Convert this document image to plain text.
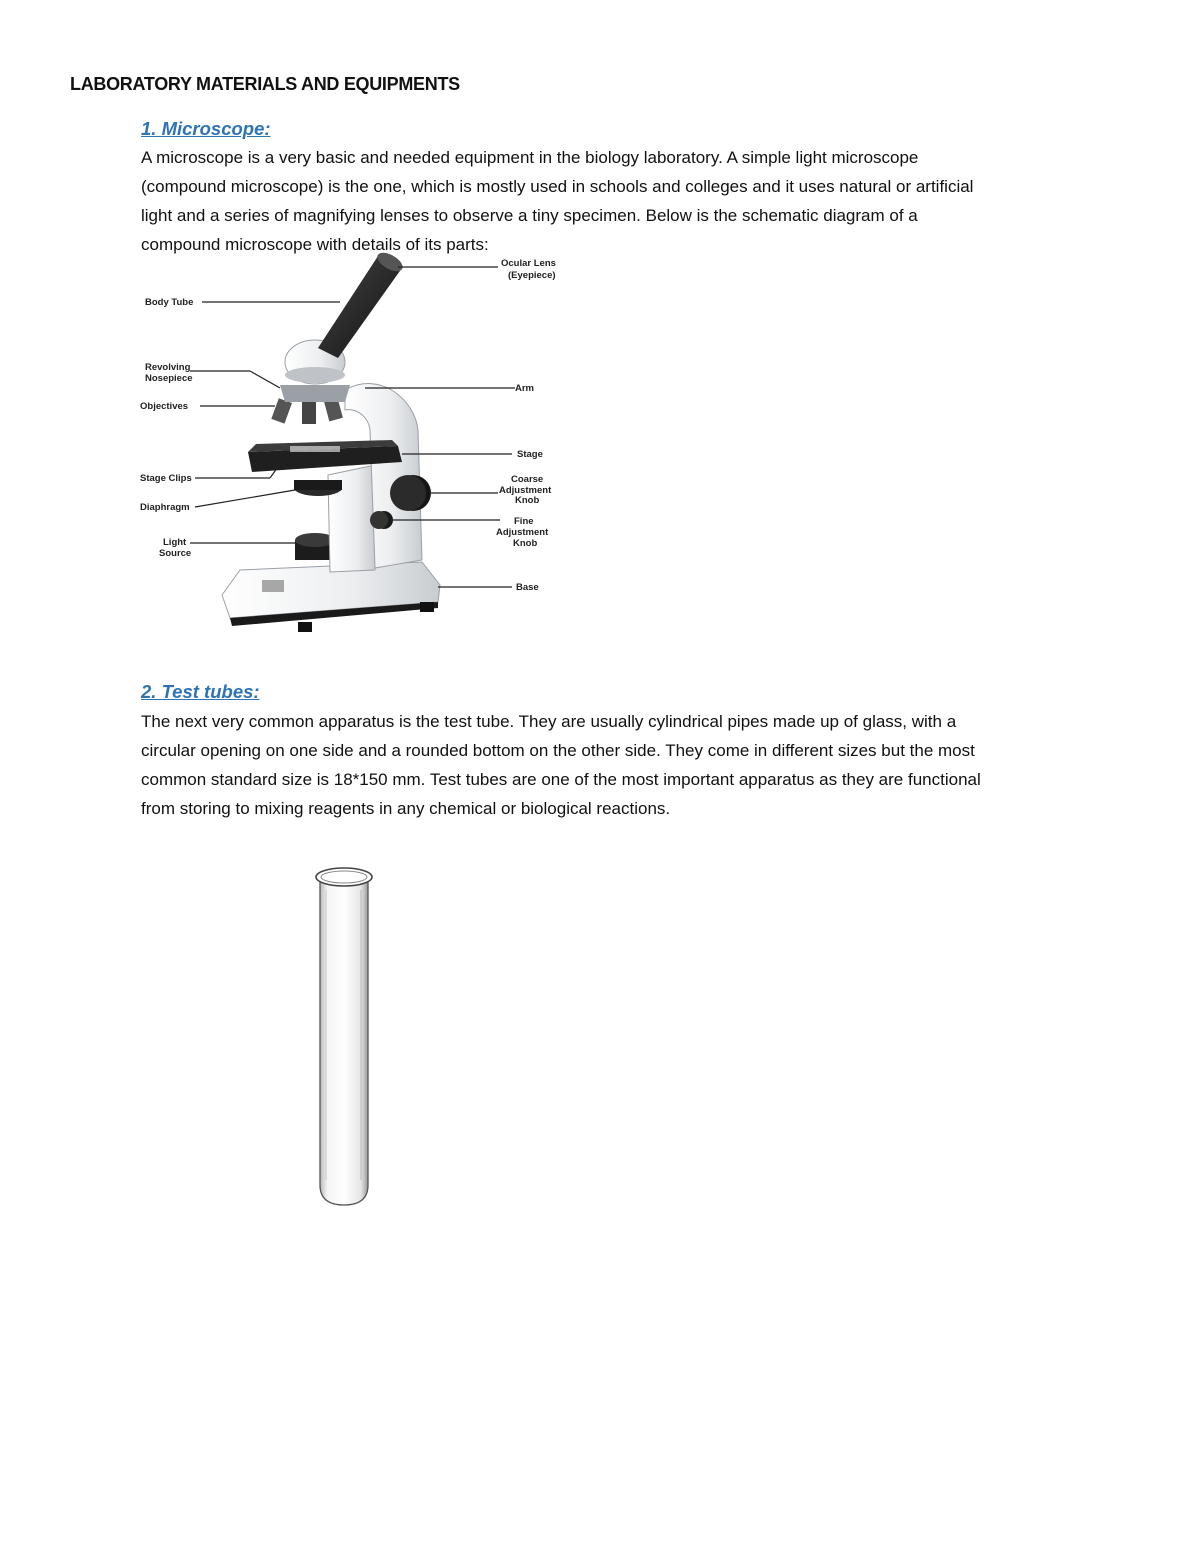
LABORATORY MATERIALS AND EQUIPMENTS
1. Microscope:
A microscope is a very basic and needed equipment in the biology laboratory. A simple light microscope
(compound microscope) is the one, which is mostly used in schools and colleges and it uses natural or artificial
light and a series of magnifying lenses to observe a tiny specimen. Below is the schematic diagram of a
compound microscope with details of its parts:
Ocular Lens
(Eyepiece)
Body Tube
Revolving
Nosepiece
Objectives
Arm
Stage
Stage Clips	Coarse
Adjustment
Knob
Diaphragm
Fine
Adjustment
Knob
Light
Source
Base
2. Test tubes:
The next very common apparatus is the test tube. They are usually cylindrical pipes made up of glass, with a
circular opening on one side and a rounded bottom on the other side. They come in different sizes but the most
common standard size is 18*150 mm. Test tubes are one of the most important apparatus as they are functional
from storing to mixing reagents in any chemical or biological reactions.
